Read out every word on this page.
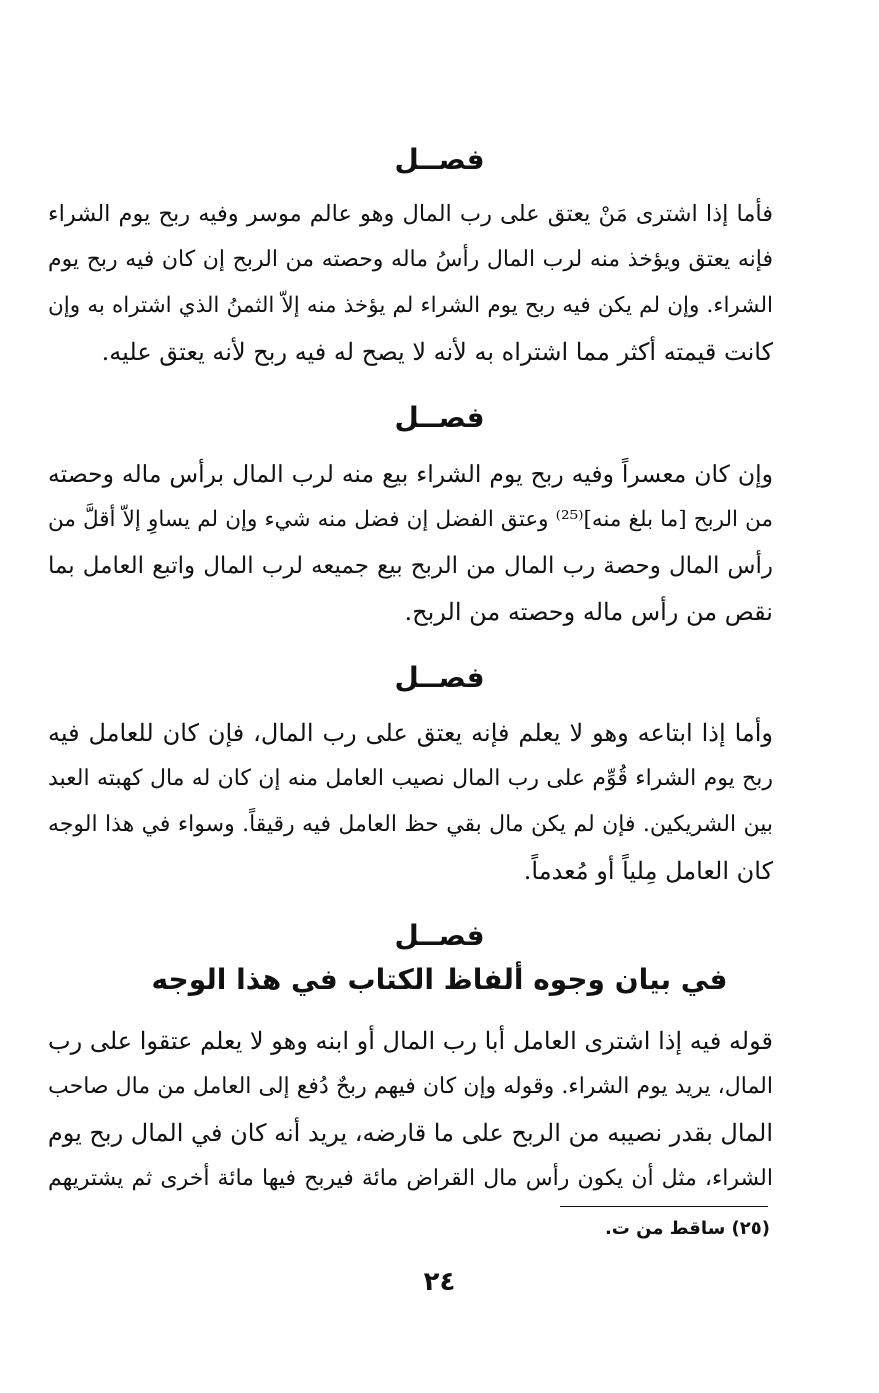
فصــل
فأما إذا اشترى مَنْ يعتق على رب المال وهو عالم موسر وفيه ربح يوم الشراء
فإنه يعتق ويؤخذ منه لرب المال رأسُ ماله وحصته من الربح إن كان فيه ربح يوم
الشراء. وإن لم يكن فيه ربح يوم الشراء لم يؤخذ منه إلاّ الثمنُ الذي اشتراه به وإن
كانت قيمته أكثر مما اشتراه به لأنه لا يصح له فيه ربح لأنه يعتق عليه.
فصــل
وإن كان معسراً وفيه ربح يوم الشراء بيع منه لرب المال برأس ماله وحصته
من الربح [ما بلغ منه]⁽²⁵⁾ وعتق الفضل إن فضل منه شيء وإن لم يساوِ إلاّ أقلَّ من
رأس المال وحصة رب المال من الربح بيع جميعه لرب المال واتبع العامل بما
نقص من رأس ماله وحصته من الربح.
فصــل
وأما إذا ابتاعه وهو لا يعلم فإنه يعتق على رب المال، فإن كان للعامل فيه
ربح يوم الشراء قُوِّم على رب المال نصيب العامل منه إن كان له مال كهبته العبد
بين الشريكين. فإن لم يكن مال بقي حظ العامل فيه رقيقاً. وسواء في هذا الوجه
كان العامل مِلياً أو مُعدماً.
فصــل
في بيان وجوه ألفاظ الكتاب في هذا الوجه
قوله فيه إذا اشترى العامل أبا رب المال أو ابنه وهو لا يعلم عتقوا على رب
المال، يريد يوم الشراء. وقوله وإن كان فيهم ربحٌ دُفع إلى العامل من مال صاحب
المال بقدر نصيبه من الربح على ما قارضه، يريد أنه كان في المال ربح يوم
الشراء، مثل أن يكون رأس مال القراض مائة فيربح فيها مائة أخرى ثم يشتريهم
(٢٥) ساقط من ت.
٢٤
